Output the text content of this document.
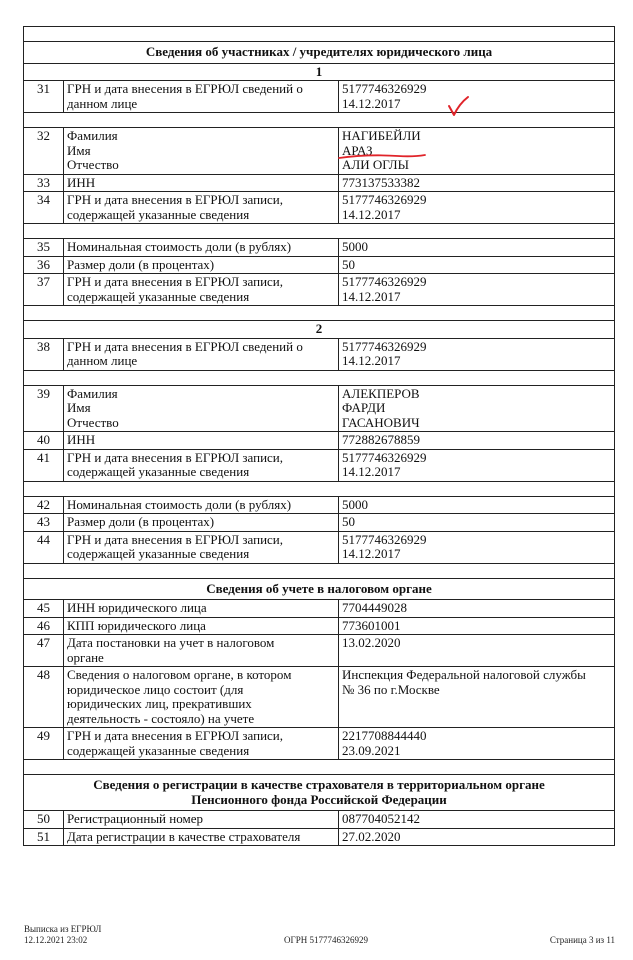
Сведения об участниках / учредителях юридического лица		

1		
31	ГРН и дата внесения в ЕГРЮЛ сведений о
данном лице	5177746326929
14.12.2017

32	Фамилия
Имя
Отчество	НАГИБЕЙЛИ
АРАЗ
АЛИ ОГЛЫ

33	ИНН	773137533382

34	ГРН и дата внесения в ЕГРЮЛ записи,
содержащей указанные сведения	5177746326929
14.12.2017

35	Номинальная стоимость доли (в рублях)	5000

36	Размер доли (в процентах)	50

37	ГРН и дата внесения в ЕГРЮЛ записи,
содержащей указанные сведения	5177746326929
14.12.2017

2		
38	ГРН и дата внесения в ЕГРЮЛ сведений о
данном лице	5177746326929
14.12.2017

39	Фамилия
Имя
Отчество	АЛЕКПЕРОВ
ФАРДИ
ГАСАНОВИЧ

40	ИНН	772882678859

41	ГРН и дата внесения в ЕГРЮЛ записи,
содержащей указанные сведения	5177746326929
14.12.2017

42	Номинальная стоимость доли (в рублях)	5000

43	Размер доли (в процентах)	50

44	ГРН и дата внесения в ЕГРЮЛ записи,
содержащей указанные сведения	5177746326929
14.12.2017

Сведения об учете в налоговом органе		

45	ИНН юридического лица	7704449028

46	КПП юридического лица	773601001

47	Дата постановки на учет в налоговом
органе	13.02.2020

48	Сведения о налоговом органе, в котором
юридическое лицо состоит (для
юридических лиц, прекративших
деятельность - состояло) на учете	Инспекция Федеральной налоговой службы
№ 36 по г.Москве

49	ГРН и дата внесения в ЕГРЮЛ записи,
содержащей указанные сведения	2217708844440
23.09.2021

Сведения о регистрации в качестве страхователя в территориальном органе
Пенсионного фонда Российской Федерации		

50	Регистрационный номер	087704052142

51	Дата регистрации в качестве страхователя	27.02.2020
Выписка из ЕГРЮЛ
12.12.2021 23:02	ОГРН 5177746326929	Страница 3 из 11
